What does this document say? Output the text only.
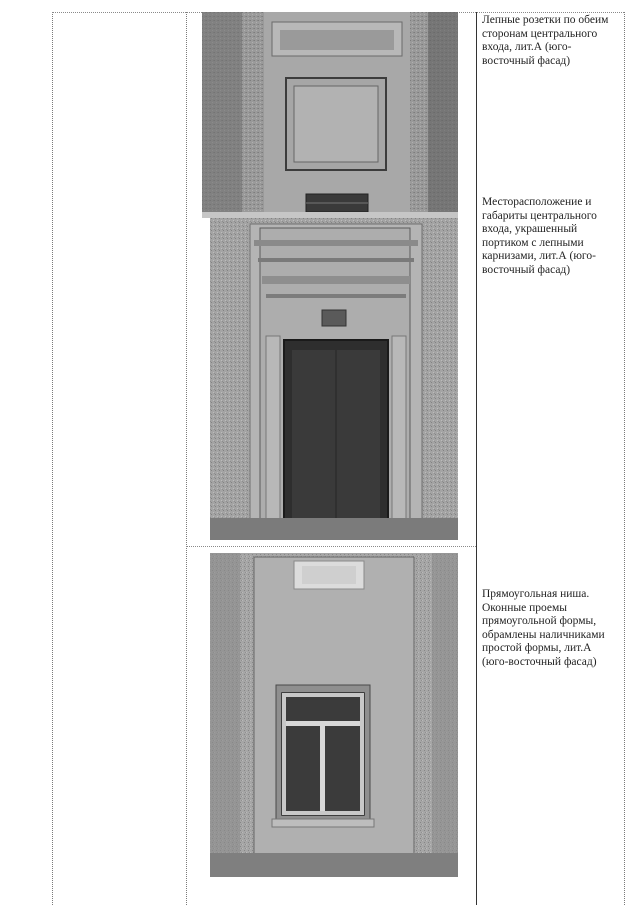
Лепные розетки по обеим сторонам центрального входа, лит.А (юго-восточный фасад)
Месторасположение и габариты центрального входа, украшенный портиком с лепными карнизами, лит.А (юго-восточный фасад)
Прямоугольная ниша. Оконные проемы прямоугольной формы, обрамлены наличниками простой формы, лит.А (юго-восточный фасад)
